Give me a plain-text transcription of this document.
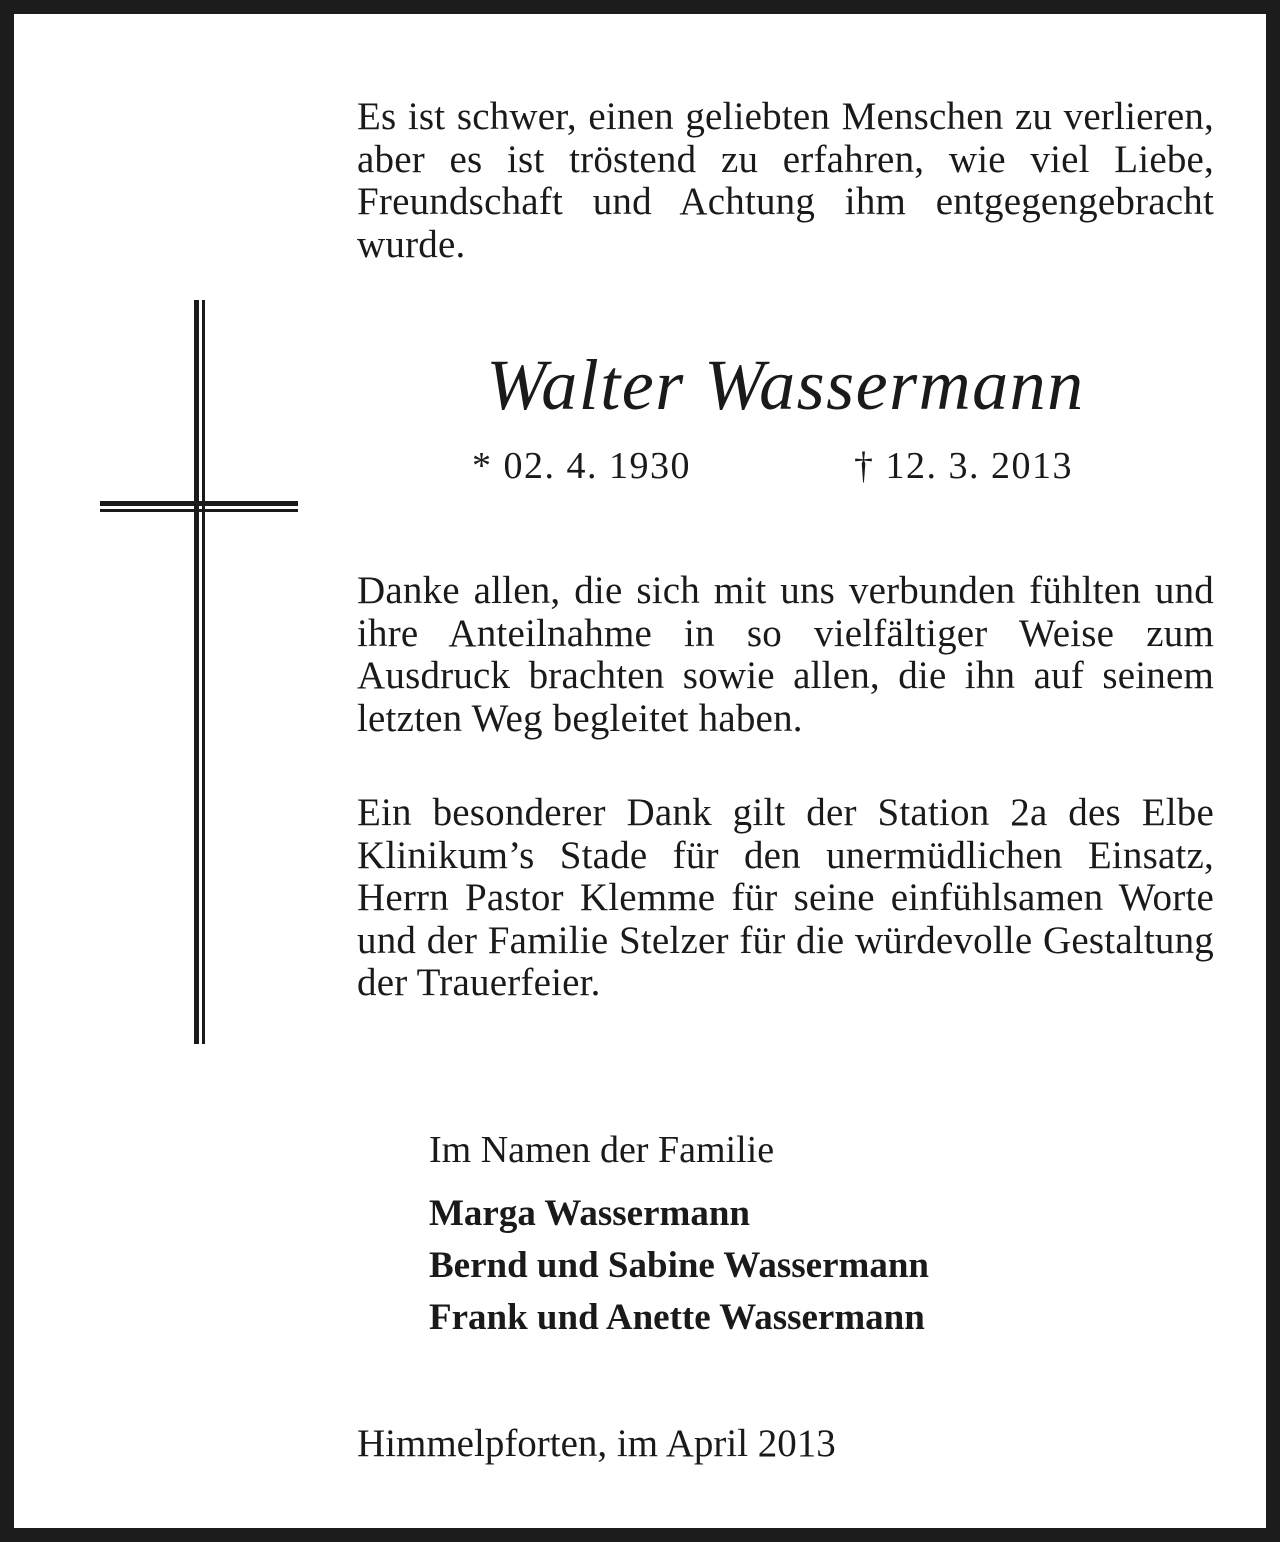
Es ist schwer, einen geliebten Menschen zu verlieren, aber es ist tröstend zu erfahren, wie viel Liebe, Freundschaft und Achtung ihm entgegengebracht wurde.

Walter Wassermann
* 02. 4. 1930	† 12. 3. 2013

Danke allen, die sich mit uns verbunden fühlten und ihre Anteilnahme in so vielfältiger Weise zum Ausdruck brachten sowie allen, die ihn auf seinem letzten Weg begleitet haben.

Ein besonderer Dank gilt der Station 2a des Elbe Klinikum’s Stade für den unermüdlichen Einsatz, Herrn Pastor Klemme für seine einfühlsamen Worte und der Familie Stelzer für die würdevolle Gestaltung der Trauerfeier.

Im Namen der Familie
Marga Wassermann
Bernd und Sabine Wassermann
Frank und Anette Wassermann
Himmelpforten, im April 2013
